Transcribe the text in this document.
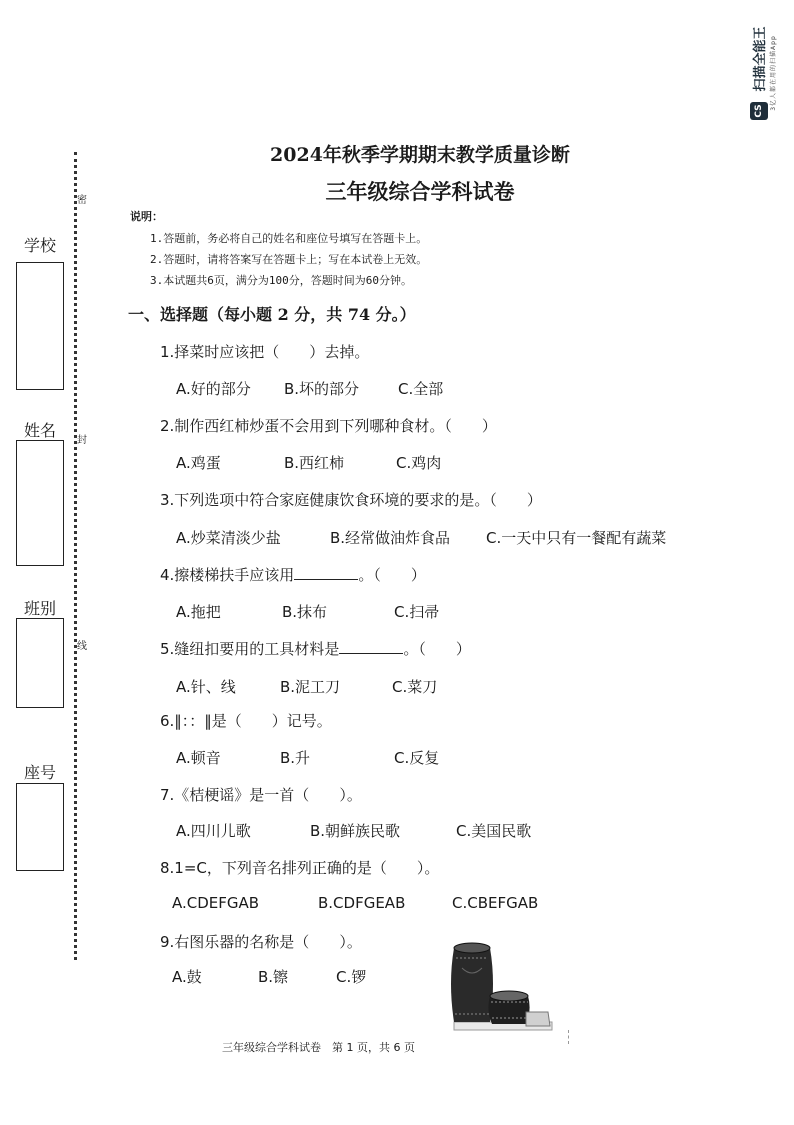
扫描全能王 3亿人都在用的扫描App
CS
密
封
线
学校
姓名
班别
座号
2024年秋季学期期末教学质量诊断
三年级综合学科试卷
说明：
1.答题前，务必将自己的姓名和座位号填写在答题卡上。
2.答题时，请将答案写在答题卡上；写在本试卷上无效。
3.本试题共6页，满分为100分，答题时间为60分钟。
一、选择题（每小题 2 分，共 74 分。）
1.择菜时应该把（　　）去掉。
A.好的部分 B.坏的部分	C.全部
2.制作西红柿炒蛋不会用到下列哪种食材。（　　）
A.鸡蛋	B.西红柿	C.鸡肉
3.下列选项中符合家庭健康饮食环境的要求的是。（　　）
A.炒菜清淡少盐	B.经常做油炸食品 C.一天中只有一餐配有蔬菜
4.擦楼梯扶手应该用	。（　　）
A.拖把	B.抹布	C.扫帚
5.缝纽扣要用的工具材料是	。（　　）
A.针、线	B.泥工刀	C.菜刀
6.‖：：‖是（　　）记号。
A.顿音	B.升	C.反复
7.《桔梗谣》是一首（　　）。
A.四川儿歌	B.朝鲜族民歌	C.美国民歌
8.1=C，下列音名排列正确的是（　　）。
A.CDEFGAB	B.CDFGEAB	C.CBEFGAB
9.右图乐器的名称是（　　）。
A.鼓	B.镲	C.锣
三年级综合学科试卷　第 1 页，共 6 页
